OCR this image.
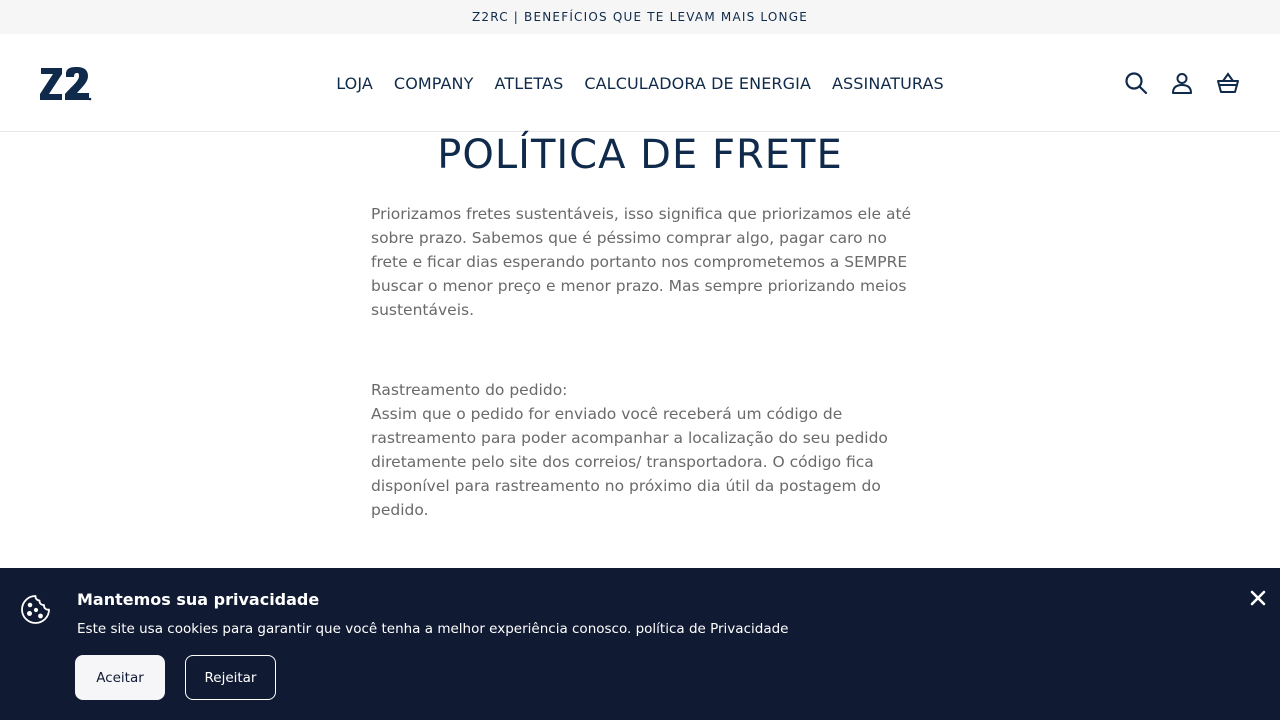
Z2RC | BENEFÍCIOS QUE TE LEVAM MAIS LONGE
LOJA COMPANY ATLETAS CALCULADORA DE ENERGIA ASSINATURAS
POLÍTICA DE FRETE

Priorizamos fretes sustentáveis, isso significa que priorizamos ele até sobre prazo. Sabemos que é péssimo comprar algo, pagar caro no frete e ficar dias esperando portanto nos comprometemos a SEMPRE buscar o menor preço e menor prazo. Mas sempre priorizando meios sustentáveis.

Rastreamento do pedido:
Assim que o pedido for enviado você receberá um código de rastreamento para poder acompanhar a localização do seu pedido diretamente pelo site dos correios/ transportadora. O código fica disponível para rastreamento no próximo dia útil da postagem do pedido.

Mantemos sua privacidade
Este site usa cookies para garantir que você tenha a melhor experiência conosco. política de Privacidade
Aceitar	Rejeitar
